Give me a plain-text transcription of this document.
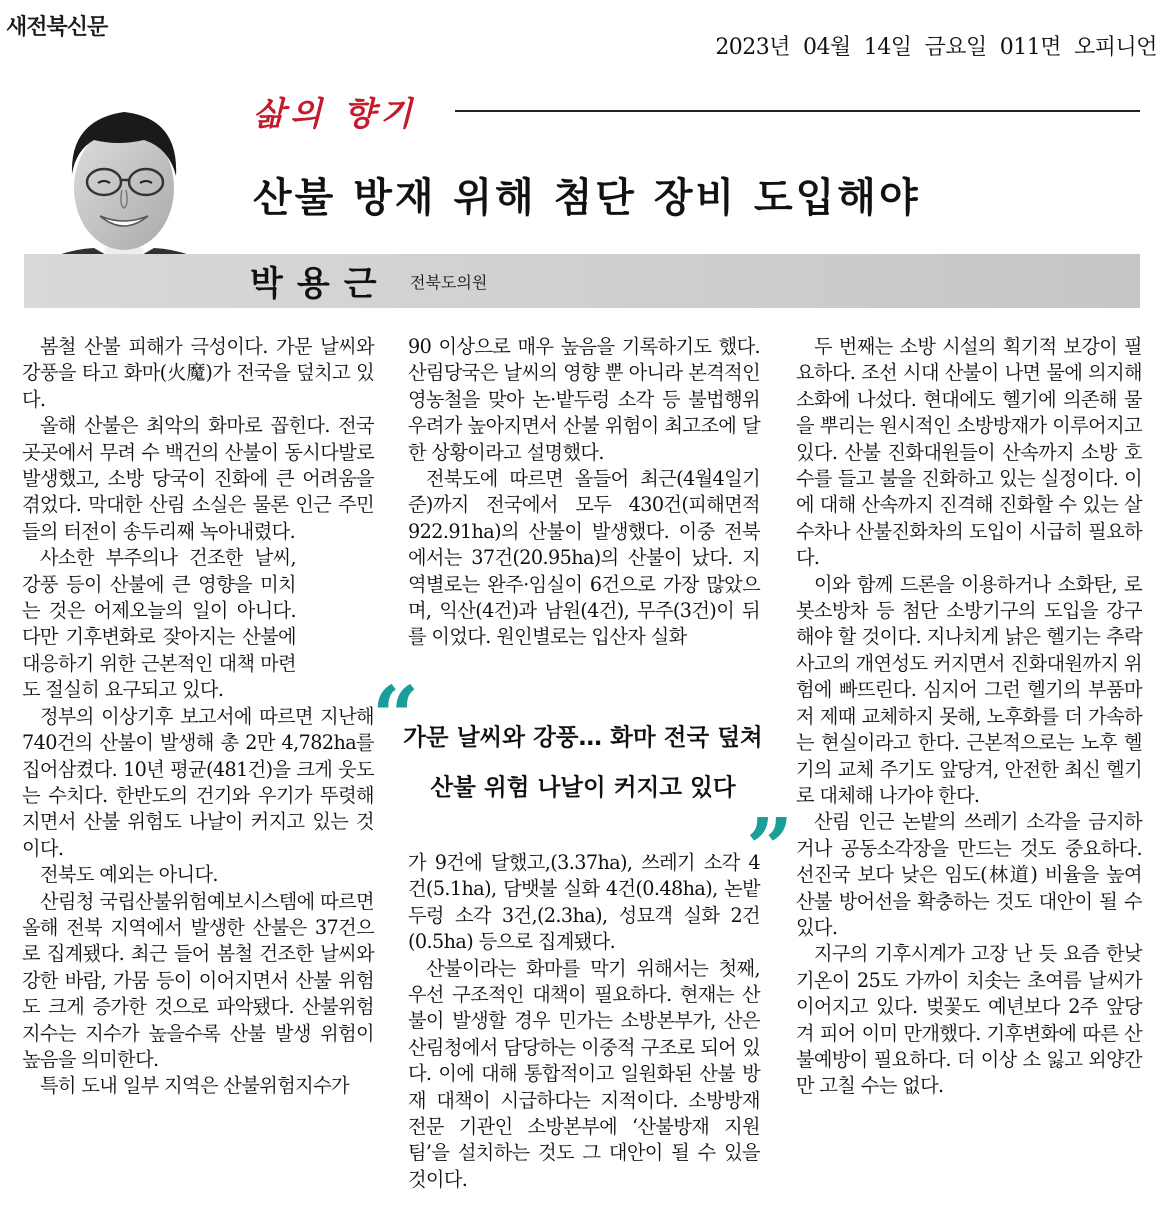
새전북신문
2023년  04월  14일  금요일  011면  오피니언
삶의 향기
산불 방재 위해 첨단 장비 도입해야
박용근 전북도의원

봄철 산불 피해가 극성이다. 가문 날씨와 강풍을 타고 화마(火魔)가 전국을 덮치고 있다.

올해 산불은 최악의 화마로 꼽힌다. 전국 곳곳에서 무려 수 백건의 산불이 동시다발로 발생했고, 소방 당국이 진화에 큰 어려움을 겪었다. 막대한 산림 소실은 물론 인근 주민들의 터전이 송두리째 녹아내렸다.

사소한 부주의나 건조한 날씨, 강풍 등이 산불에 큰 영향을 미치는 것은 어제오늘의 일이 아니다. 다만 기후변화로 잦아지는 산불에 대응하기 위한 근본적인 대책 마련도 절실히 요구되고 있다.

정부의 이상기후 보고서에 따르면 지난해 740건의 산불이 발생해 총 2만 4,782ha를 집어삼켰다. 10년 평균(481건)을 크게 웃도는 수치다. 한반도의 건기와 우기가 뚜렷해지면서 산불 위험도 나날이 커지고 있는 것이다.

전북도 예외는 아니다.

산림청 국립산불위험예보시스템에 따르면 올해 전북 지역에서 발생한 산불은 37건으로 집계됐다. 최근 들어 봄철 건조한 날씨와 강한 바람, 가뭄 등이 이어지면서 산불 위험도 크게 증가한 것으로 파악됐다. 산불위험지수는 지수가 높을수록 산불 발생 위험이 높음을 의미한다.

특히 도내 일부 지역은 산불위험지수가

90 이상으로 매우 높음을 기록하기도 했다. 산림당국은 날씨의 영향 뿐 아니라 본격적인 영농철을 맞아 논·밭두렁 소각 등 불법행위 우려가 높아지면서 산불 위험이 최고조에 달한 상황이라고 설명했다.

전북도에 따르면 올들어 최근(4월4일기준)까지 전국에서 모두 430건(피해면적 922.91ha)의 산불이 발생했다. 이중 전북에서는 37건(20.95ha)의 산불이 났다. 지역별로는 완주·임실이 6건으로 가장 많았으며, 익산(4건)과 남원(4건), 무주(3건)이 뒤를 이었다. 원인별로는 입산자 실화

가 9건에 달했고,(3.37ha), 쓰레기 소각 4건(5.1ha), 담뱃불 실화 4건(0.48ha), 논밭두렁 소각 3건,(2.3ha), 성묘객 실화 2건(0.5ha) 등으로 집계됐다.

산불이라는 화마를 막기 위해서는 첫째, 우선 구조적인 대책이 필요하다. 현재는 산불이 발생할 경우 민가는 소방본부가, 산은 산림청에서 담당하는 이중적 구조로 되어 있다. 이에 대해 통합적이고 일원화된 산불 방재 대책이 시급하다는 지적이다. 소방방재 전문 기관인 소방본부에 ‘산불방재 지원팀’을 설치하는 것도 그 대안이 될 수 있을 것이다.

두 번째는 소방 시설의 획기적 보강이 필요하다. 조선 시대 산불이 나면 물에 의지해 소화에 나섰다. 현대에도 헬기에 의존해 물을 뿌리는 원시적인 소방방재가 이루어지고 있다. 산불 진화대원들이 산속까지 소방 호수를 들고 불을 진화하고 있는 실정이다. 이에 대해 산속까지 진격해 진화할 수 있는 살수차나 산불진화차의 도입이 시급히 필요하다.

이와 함께 드론을 이용하거나 소화탄, 로봇소방차 등 첨단 소방기구의 도입을 강구해야 할 것이다. 지나치게 낡은 헬기는 추락 사고의 개연성도 커지면서 진화대원까지 위험에 빠뜨린다. 심지어 그런 헬기의 부품마저 제때 교체하지 못해, 노후화를 더 가속하는 현실이라고 한다. 근본적으로는 노후 헬기의 교체 주기도 앞당겨, 안전한 최신 헬기로 대체해 나가야 한다.

산림 인근 논밭의 쓰레기 소각을 금지하거나 공동소각장을 만드는 것도 중요하다. 선진국 보다 낮은 임도(林道) 비율을 높여 산불 방어선을 확충하는 것도 대안이 될 수 있다.

지구의 기후시계가 고장 난 듯 요즘 한낮 기온이 25도 가까이 치솟는 초여름 날씨가 이어지고 있다. 벚꽃도 예년보다 2주 앞당겨 피어 이미 만개했다. 기후변화에 따른 산불예방이 필요하다. 더 이상 소 잃고 외양간만 고칠 수는 없다.

“
가문 날씨와 강풍… 화마 전국 덮쳐
산불 위험 나날이 커지고 있다
”
